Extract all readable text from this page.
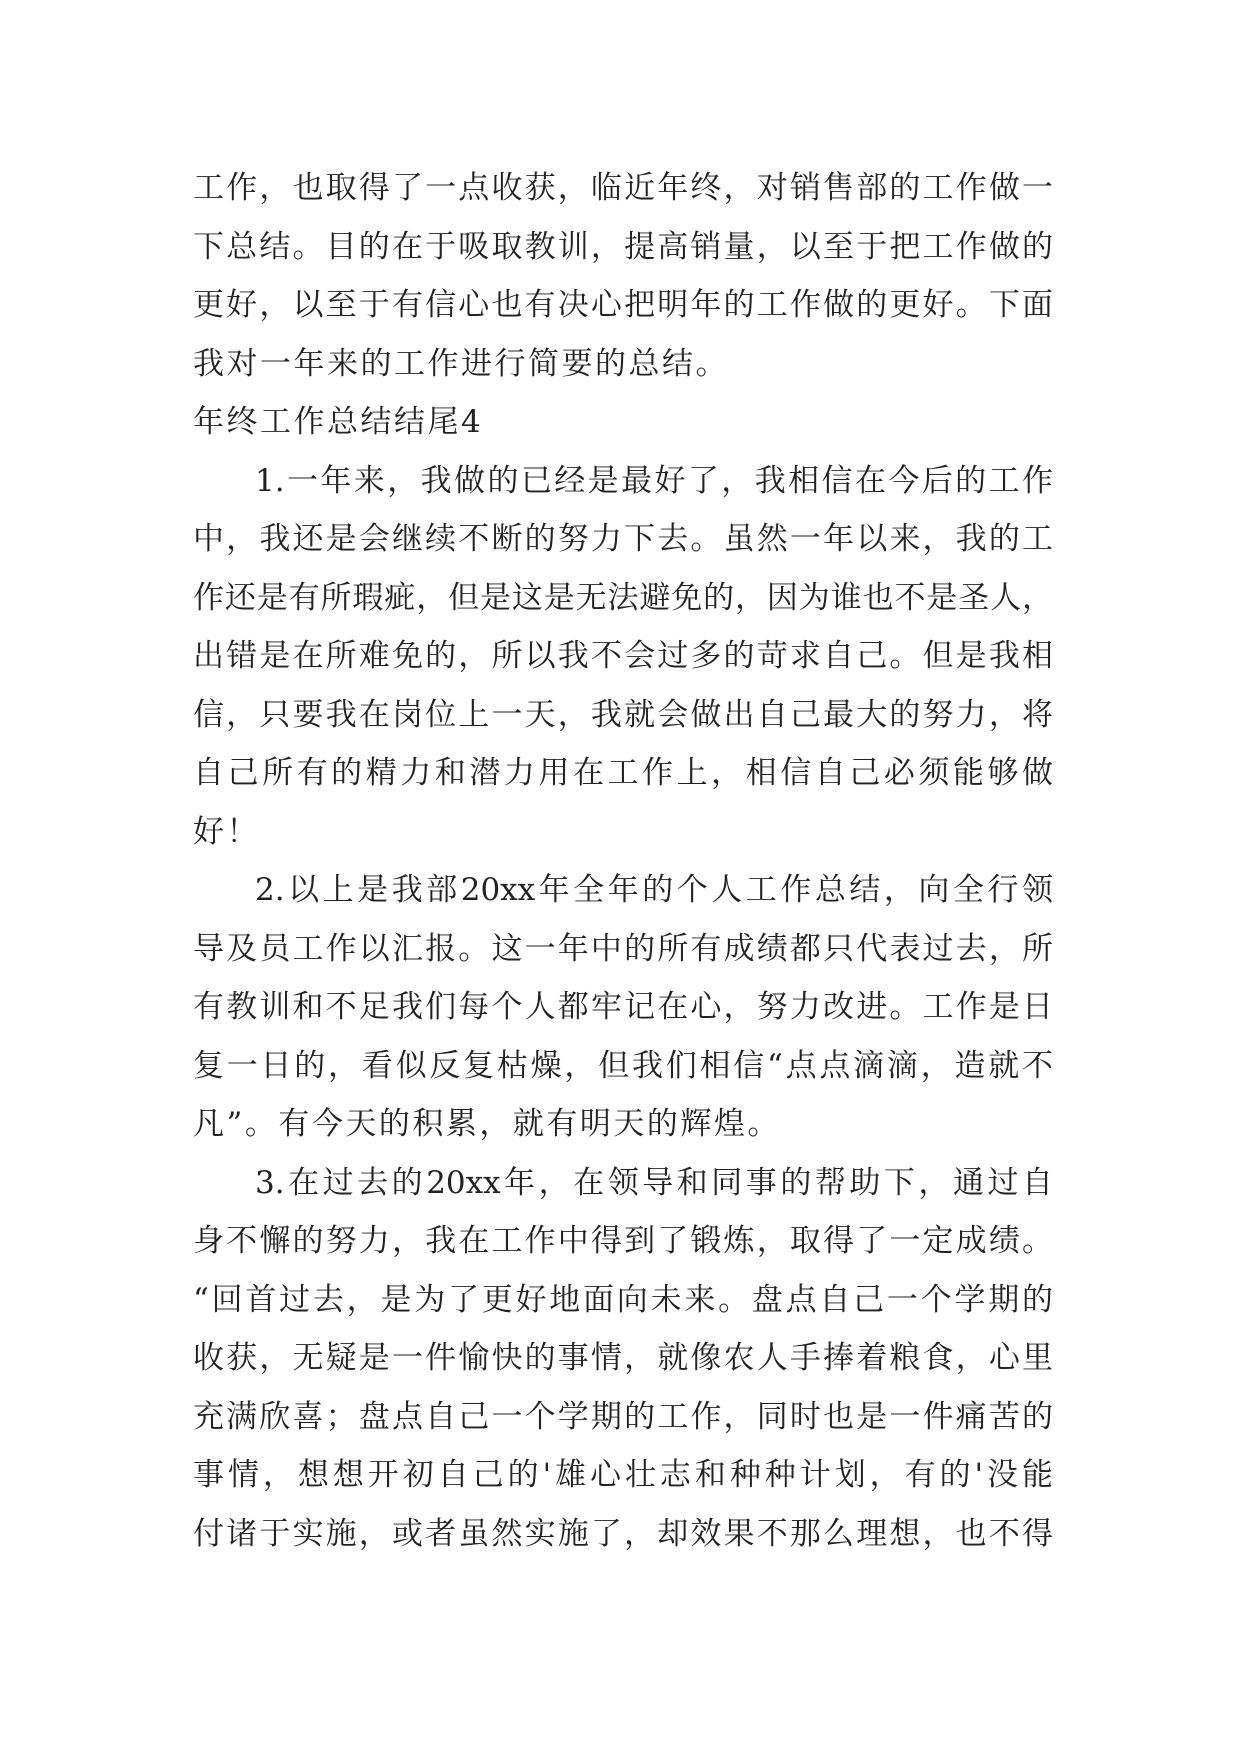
工作，也取得了一点收获，临近年终，对销售部的工作做一
下总结。目的在于吸取教训，提高销量，以至于把工作做的
更好，以至于有信心也有决心把明年的工作做的更好。下面
我对一年来的工作进行简要的总结。
年终工作总结结尾4
1.一年来，我做的已经是最好了，我相信在今后的工作
中，我还是会继续不断的努力下去。虽然一年以来，我的工
作还是有所瑕疵，但是这是无法避免的，因为谁也不是圣人，
出错是在所难免的，所以我不会过多的苛求自己。但是我相
信，只要我在岗位上一天，我就会做出自己最大的努力，将
自己所有的精力和潜力用在工作上，相信自己必须能够做
好！
2.以上是我部20xx年全年的个人工作总结，向全行领
导及员工作以汇报。这一年中的所有成绩都只代表过去，所
有教训和不足我们每个人都牢记在心，努力改进。工作是日
复一日的，看似反复枯燥，但我们相信“点点滴滴，造就不
凡”。有今天的积累，就有明天的辉煌。
3.在过去的20xx年，在领导和同事的帮助下，通过自
身不懈的努力，我在工作中得到了锻炼，取得了一定成绩。
“回首过去，是为了更好地面向未来。盘点自己一个学期的
收获，无疑是一件愉快的事情，就像农人手捧着粮食，心里
充满欣喜；盘点自己一个学期的工作，同时也是一件痛苦的
事情，想想开初自己的'雄心壮志和种种计划，有的'没能
付诸于实施，或者虽然实施了，却效果不那么理想，也不得
